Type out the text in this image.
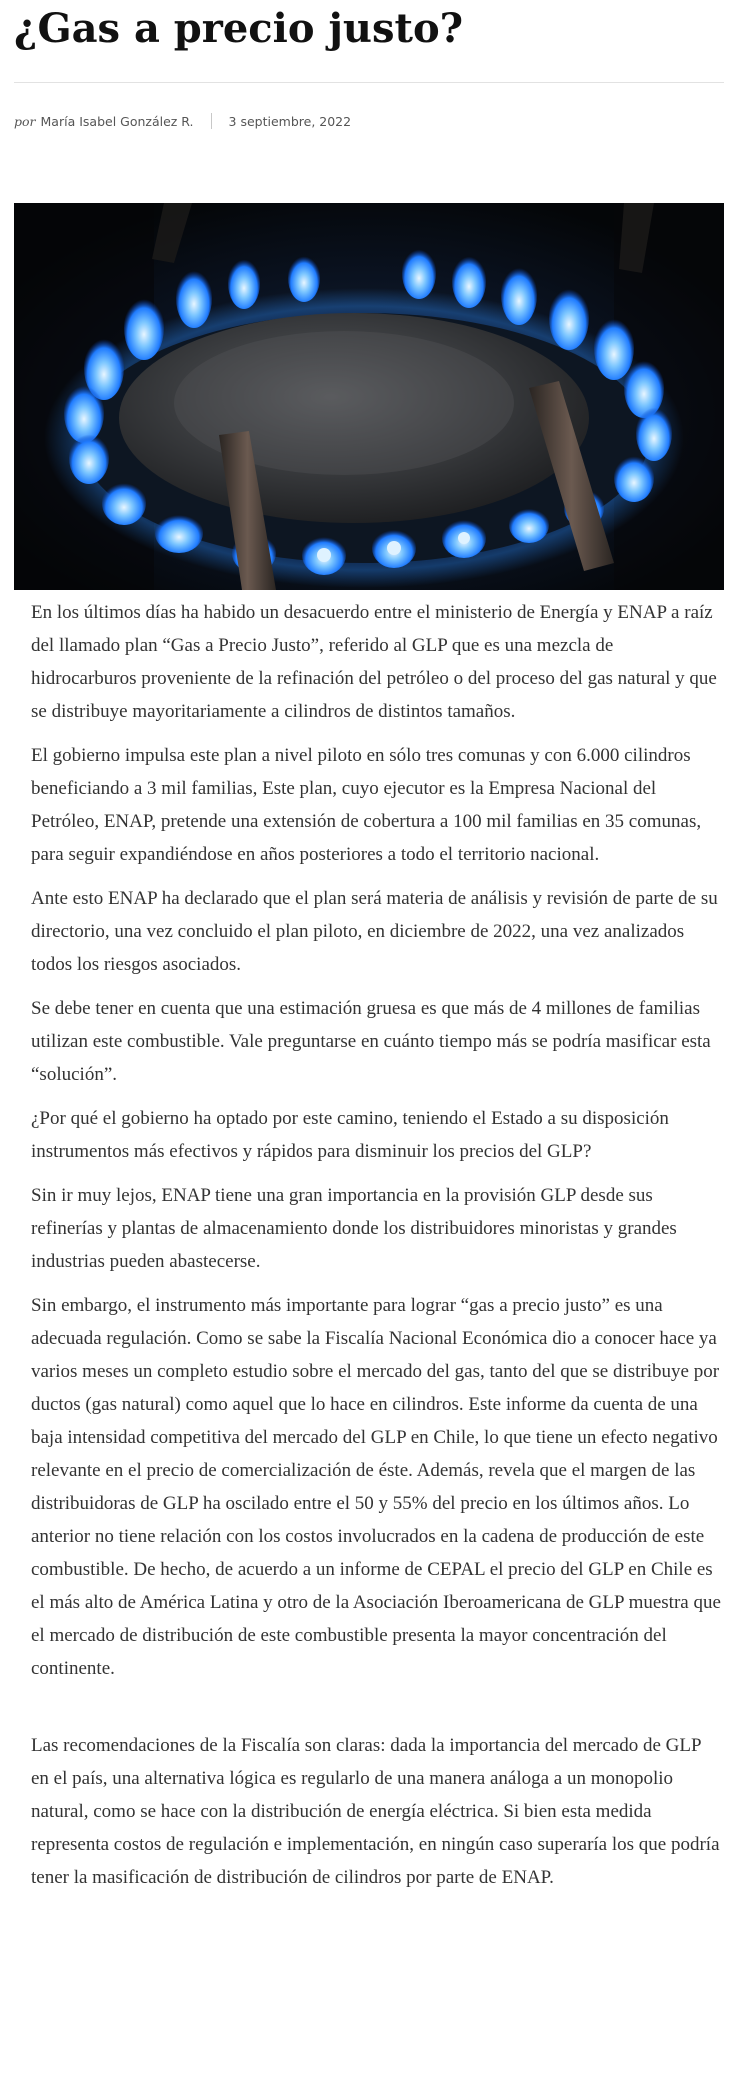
¿Gas a precio justo?
por María Isabel González R.	3 septiembre, 2022

En los últimos días ha habido un desacuerdo entre el ministerio de Energía y ENAP a raíz del llamado plan “Gas a Precio Justo”, referido al GLP que es una mezcla de hidrocarburos proveniente de la refinación del petróleo o del proceso del gas natural y que se distribuye mayoritariamente a cilindros de distintos tamaños.

El gobierno impulsa este plan a nivel piloto en sólo tres comunas y con 6.000 cilindros beneficiando a 3 mil familias, Este plan, cuyo ejecutor es la Empresa Nacional del Petróleo, ENAP, pretende una extensión de cobertura a 100 mil familias en 35 comunas, para seguir expandiéndose en años posteriores a todo el territorio nacional.

Ante esto ENAP ha declarado que el plan será materia de análisis y revisión de parte de su directorio, una vez concluido el plan piloto, en diciembre de 2022, una vez analizados todos los riesgos asociados.

Se debe tener en cuenta que una estimación gruesa es que más de 4 millones de familias utilizan este combustible. Vale preguntarse en cuánto tiempo más se podría masificar esta “solución”.

¿Por qué el gobierno ha optado por este camino, teniendo el Estado a su disposición instrumentos más efectivos y rápidos para disminuir los precios del GLP?

Sin ir muy lejos, ENAP tiene una gran importancia en la provisión GLP desde sus refinerías y plantas de almacenamiento donde los distribuidores minoristas y grandes industrias pueden abastecerse.

Sin embargo, el instrumento más importante para lograr “gas a precio justo” es una adecuada regulación. Como se sabe la Fiscalía Nacional Económica dio a conocer hace ya varios meses un completo estudio sobre el mercado del gas, tanto del que se distribuye por ductos (gas natural) como aquel que lo hace en cilindros. Este informe da cuenta de una baja intensidad competitiva del mercado del GLP en Chile, lo que tiene un efecto negativo relevante en el precio de comercialización de éste. Además, revela que el margen de las distribuidoras de GLP ha oscilado entre el 50 y 55% del precio en los últimos años. Lo anterior no tiene relación con los costos involucrados en la cadena de producción de este combustible. De hecho, de acuerdo a un informe de CEPAL el precio del GLP en Chile es el más alto de América Latina y otro de la Asociación Iberoamericana de GLP muestra que el mercado de distribución de este combustible presenta la mayor concentración del continente.

Las recomendaciones de la Fiscalía son claras: dada la importancia del mercado de GLP en el país, una alternativa lógica es regularlo de una manera análoga a un monopolio natural, como se hace con la distribución de energía eléctrica. Si bien esta medida representa costos de regulación e implementación, en ningún caso superaría los que podría tener la masificación de distribución de cilindros por parte de ENAP.
